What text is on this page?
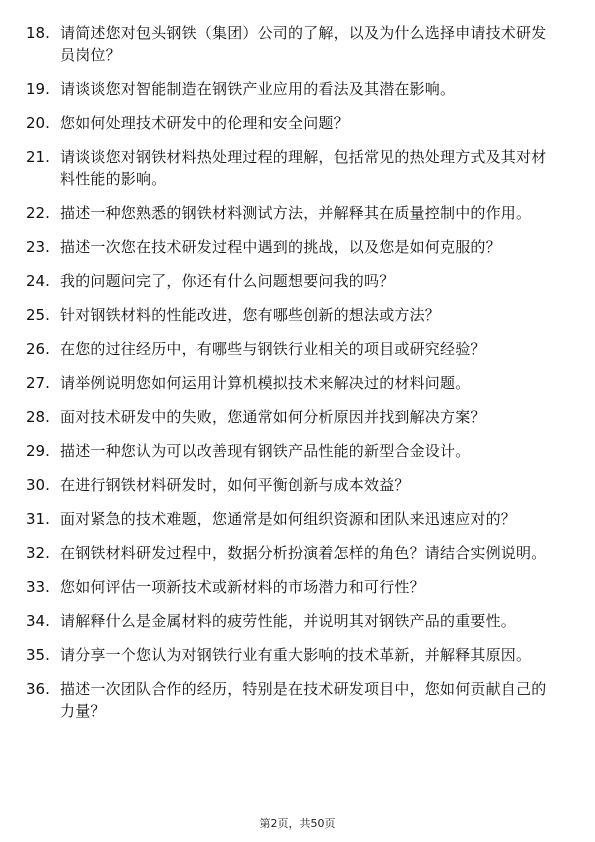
18. 请简述您对包头钢铁（集团）公司的了解，以及为什么选择申请技术研发员岗位？
19. 请谈谈您对智能制造在钢铁产业应用的看法及其潜在影响。
20. 您如何处理技术研发中的伦理和安全问题？
21. 请谈谈您对钢铁材料热处理过程的理解，包括常见的热处理方式及其对材料性能的影响。
22. 描述一种您熟悉的钢铁材料测试方法，并解释其在质量控制中的作用。
23. 描述一次您在技术研发过程中遇到的挑战，以及您是如何克服的？
24. 我的问题问完了，你还有什么问题想要问我的吗？
25. 针对钢铁材料的性能改进，您有哪些创新的想法或方法？
26. 在您的过往经历中，有哪些与钢铁行业相关的项目或研究经验？
27. 请举例说明您如何运用计算机模拟技术来解决过的材料问题。
28. 面对技术研发中的失败，您通常如何分析原因并找到解决方案？
29. 描述一种您认为可以改善现有钢铁产品性能的新型合金设计。
30. 在进行钢铁材料研发时，如何平衡创新与成本效益？
31. 面对紧急的技术难题，您通常是如何组织资源和团队来迅速应对的？
32. 在钢铁材料研发过程中，数据分析扮演着怎样的角色？请结合实例说明。
33. 您如何评估一项新技术或新材料的市场潜力和可行性？
34. 请解释什么是金属材料的疲劳性能，并说明其对钢铁产品的重要性。
35. 请分享一个您认为对钢铁行业有重大影响的技术革新，并解释其原因。
36. 描述一次团队合作的经历，特别是在技术研发项目中，您如何贡献自己的力量？
第2页，共50页
